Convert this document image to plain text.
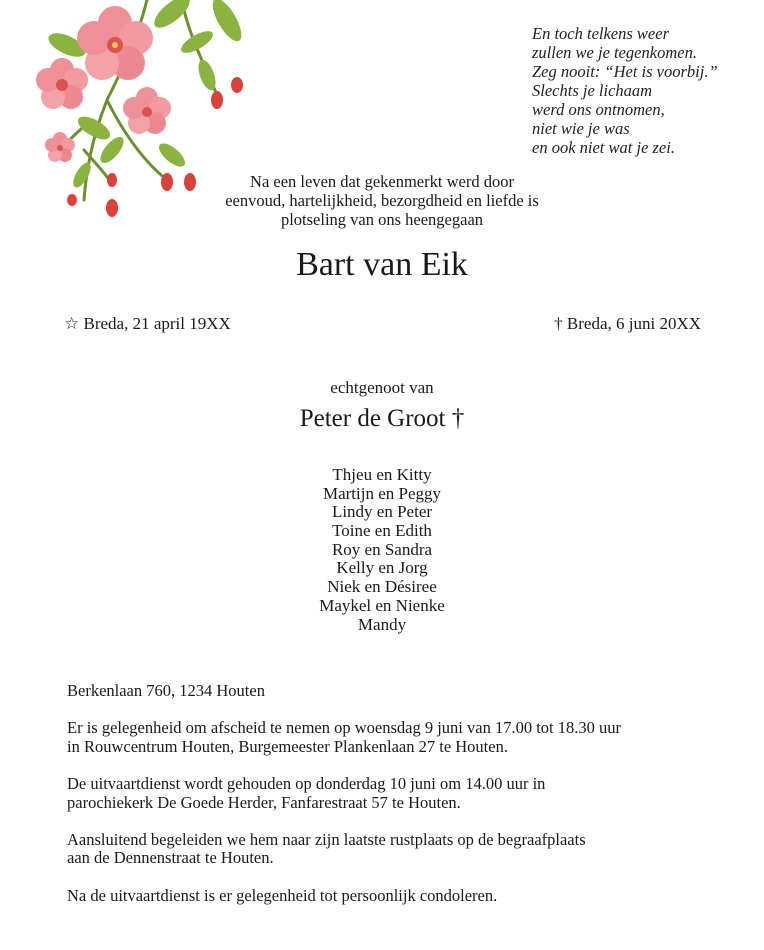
En toch telkens weer
zullen we je tegenkomen.
Zeg nooit: “Het is voorbij.”
Slechts je lichaam
werd ons ontnomen,
niet wie je was
en ook niet wat je zei.
Na een leven dat gekenmerkt werd door
eenvoud, hartelijkheid, bezorgdheid en liefde is
plotseling van ons heengegaan
Bart van Eik
☆ Breda, 21 april 19XX	† Breda, 6 juni 20XX
echtgenoot van
Peter de Groot †
Thjeu en Kitty
Martijn en Peggy
Lindy en Peter
Toine en Edith
Roy en Sandra
Kelly en Jorg
Niek en Désiree
Maykel en Nienke
Mandy

Berkenlaan 760, 1234 Houten

Er is gelegenheid om afscheid te nemen op woensdag 9 juni van 17.00 tot 18.30 uur
in Rouwcentrum Houten, Burgemeester Plankenlaan 27 te Houten.

De uitvaartdienst wordt gehouden op donderdag 10 juni om 14.00 uur in
parochiekerk De Goede Herder, Fanfarestraat 57 te Houten.

Aansluitend begeleiden we hem naar zijn laatste rustplaats op de begraafplaats
aan de Dennenstraat te Houten.

Na de uitvaartdienst is er gelegenheid tot persoonlijk condoleren.
